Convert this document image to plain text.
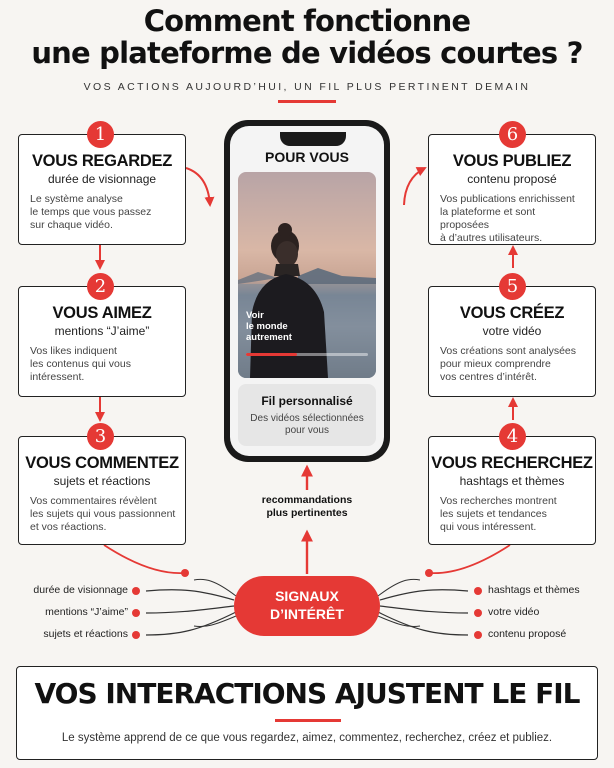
Comment fonctionne
une plateforme de vidéos courtes ?
VOS ACTIONS AUJOURD’HUI, UN FIL PLUS PERTINENT DEMAIN
VOUS REGARDEZ
durée de visionnage
Le système analyse
le temps que vous passez
sur chaque vidéo.
1
VOUS AIMEZ
mentions “J’aime”
Vos likes indiquent
les contenus qui vous
intéressent.
2
VOUS COMMENTEZ
sujets et réactions
Vos commentaires révèlent
les sujets qui vous passionnent
et vos réactions.
3
VOUS RECHERCHEZ
hashtags et thèmes
Vos recherches montrent
les sujets et tendances
qui vous intéressent.
4
VOUS CRÉEZ
votre vidéo
Vos créations sont analysées
pour mieux comprendre
vos centres d’intérêt.
5
VOUS PUBLIEZ
contenu proposé
Vos publications enrichissent
la plateforme et sont proposées
à d’autres utilisateurs.
6
POUR VOUS
Voir
le monde
autrement
Fil personnalisé
Des vidéos sélectionnées
pour vous
recommandations
plus pertinentes
SIGNAUX
D’INTÉRÊT
durée de visionnage
mentions “J’aime”
sujets et réactions
hashtags et thèmes
votre vidéo
contenu proposé
VOS INTERACTIONS AJUSTENT LE FIL
Le système apprend de ce que vous regardez, aimez, commentez, recherchez, créez et publiez.
